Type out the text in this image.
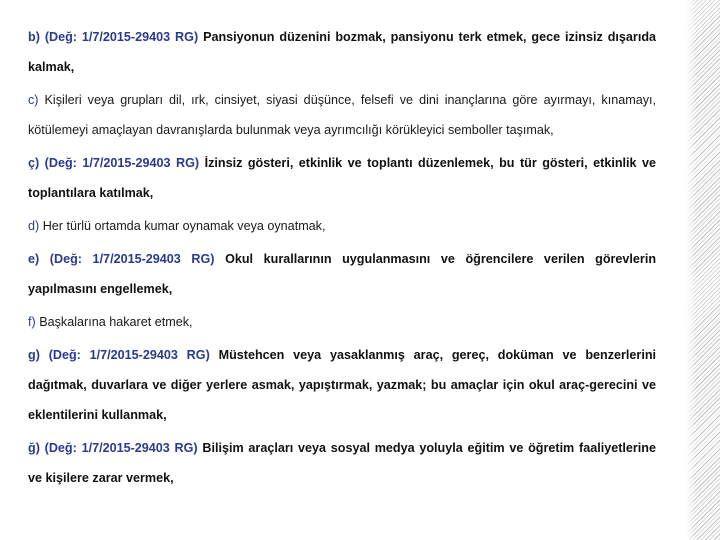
b) (Değ: 1/7/2015-29403 RG) Pansiyonun düzenini bozmak, pansiyonu terk etmek, gece izinsiz dışarıda kalmak,

c) Kişileri veya grupları dil, ırk, cinsiyet, siyasi düşünce, felsefi ve dini inançlarına göre ayırmayı, kınamayı, kötülemeyi amaçlayan davranışlarda bulunmak veya ayrımcılığı körükleyici semboller taşımak,

ç) (Değ: 1/7/2015-29403 RG) İzinsiz gösteri, etkinlik ve toplantı düzenlemek, bu tür gösteri, etkinlik ve toplantılara katılmak,

d) Her türlü ortamda kumar oynamak veya oynatmak,

e) (Değ: 1/7/2015-29403 RG) Okul kurallarının uygulanmasını ve öğrencilere verilen görevlerin yapılmasını engellemek,

f) Başkalarına hakaret etmek,

g) (Değ: 1/7/2015-29403 RG) Müstehcen veya yasaklanmış araç, gereç, doküman ve benzerlerini dağıtmak, duvarlara ve diğer yerlere asmak, yapıştırmak, yazmak; bu amaçlar için okul araç-gerecini ve eklentilerini kullanmak,

ğ) (Değ: 1/7/2015-29403 RG) Bilişim araçları veya sosyal medya yoluyla eğitim ve öğretim faaliyetlerine ve kişilere zarar vermek,
